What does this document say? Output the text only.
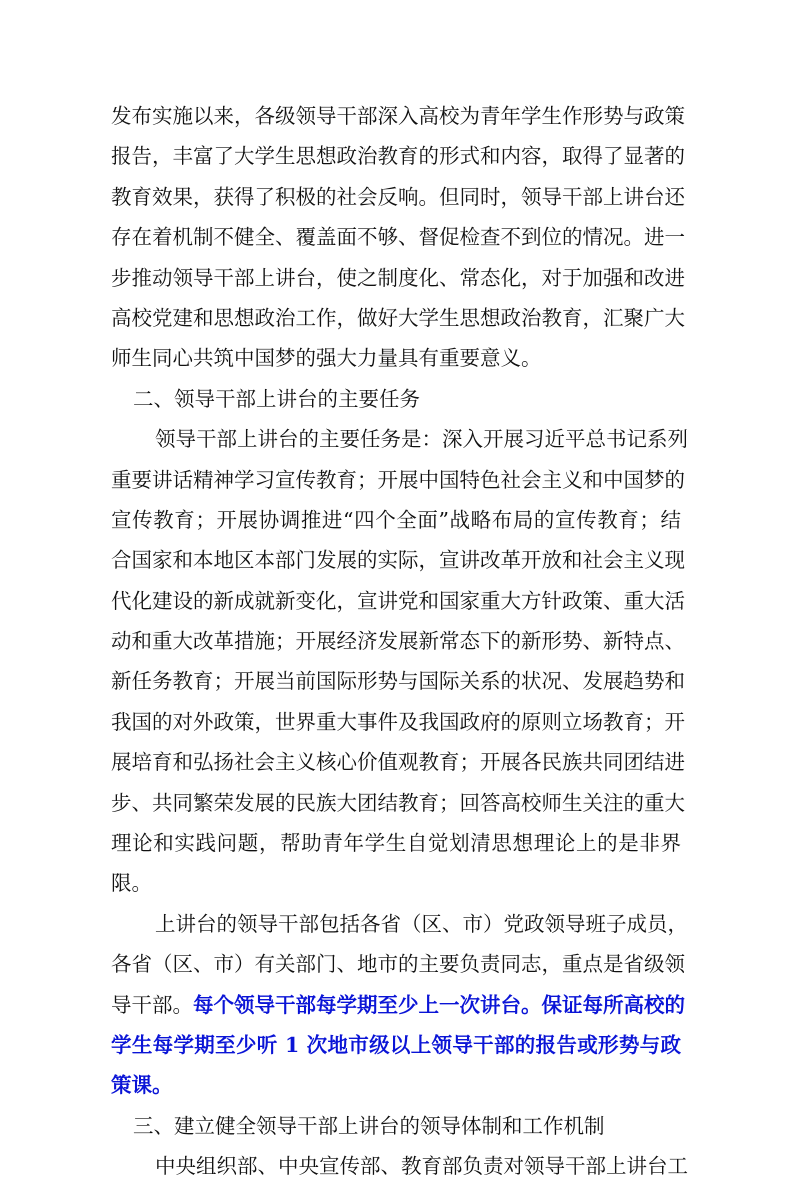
发布实施以来，各级领导干部深入高校为青年学生作形势与政策
报告，丰富了大学生思想政治教育的形式和内容，取得了显著的
教育效果，获得了积极的社会反响。但同时，领导干部上讲台还
存在着机制不健全、覆盖面不够、督促检查不到位的情况。进一
步推动领导干部上讲台，使之制度化、常态化，对于加强和改进
高校党建和思想政治工作，做好大学生思想政治教育，汇聚广大
师生同心共筑中国梦的强大力量具有重要意义。
二、领导干部上讲台的主要任务
领导干部上讲台的主要任务是：深入开展习近平总书记系列
重要讲话精神学习宣传教育；开展中国特色社会主义和中国梦的
宣传教育；开展协调推进“四个全面”战略布局的宣传教育；结
合国家和本地区本部门发展的实际，宣讲改革开放和社会主义现
代化建设的新成就新变化，宣讲党和国家重大方针政策、重大活
动和重大改革措施；开展经济发展新常态下的新形势、新特点、
新任务教育；开展当前国际形势与国际关系的状况、发展趋势和
我国的对外政策，世界重大事件及我国政府的原则立场教育；开
展培育和弘扬社会主义核心价值观教育；开展各民族共同团结进
步、共同繁荣发展的民族大团结教育；回答高校师生关注的重大
理论和实践问题，帮助青年学生自觉划清思想理论上的是非界
限。
上讲台的领导干部包括各省（区、市）党政领导班子成员，
各省（区、市）有关部门、地市的主要负责同志，重点是省级领
导干部。每个领导干部每学期至少上一次讲台。保证每所高校的
学生每学期至少听 1 次地市级以上领导干部的报告或形势与政
策课。
三、建立健全领导干部上讲台的领导体制和工作机制
中央组织部、中央宣传部、教育部负责对领导干部上讲台工
